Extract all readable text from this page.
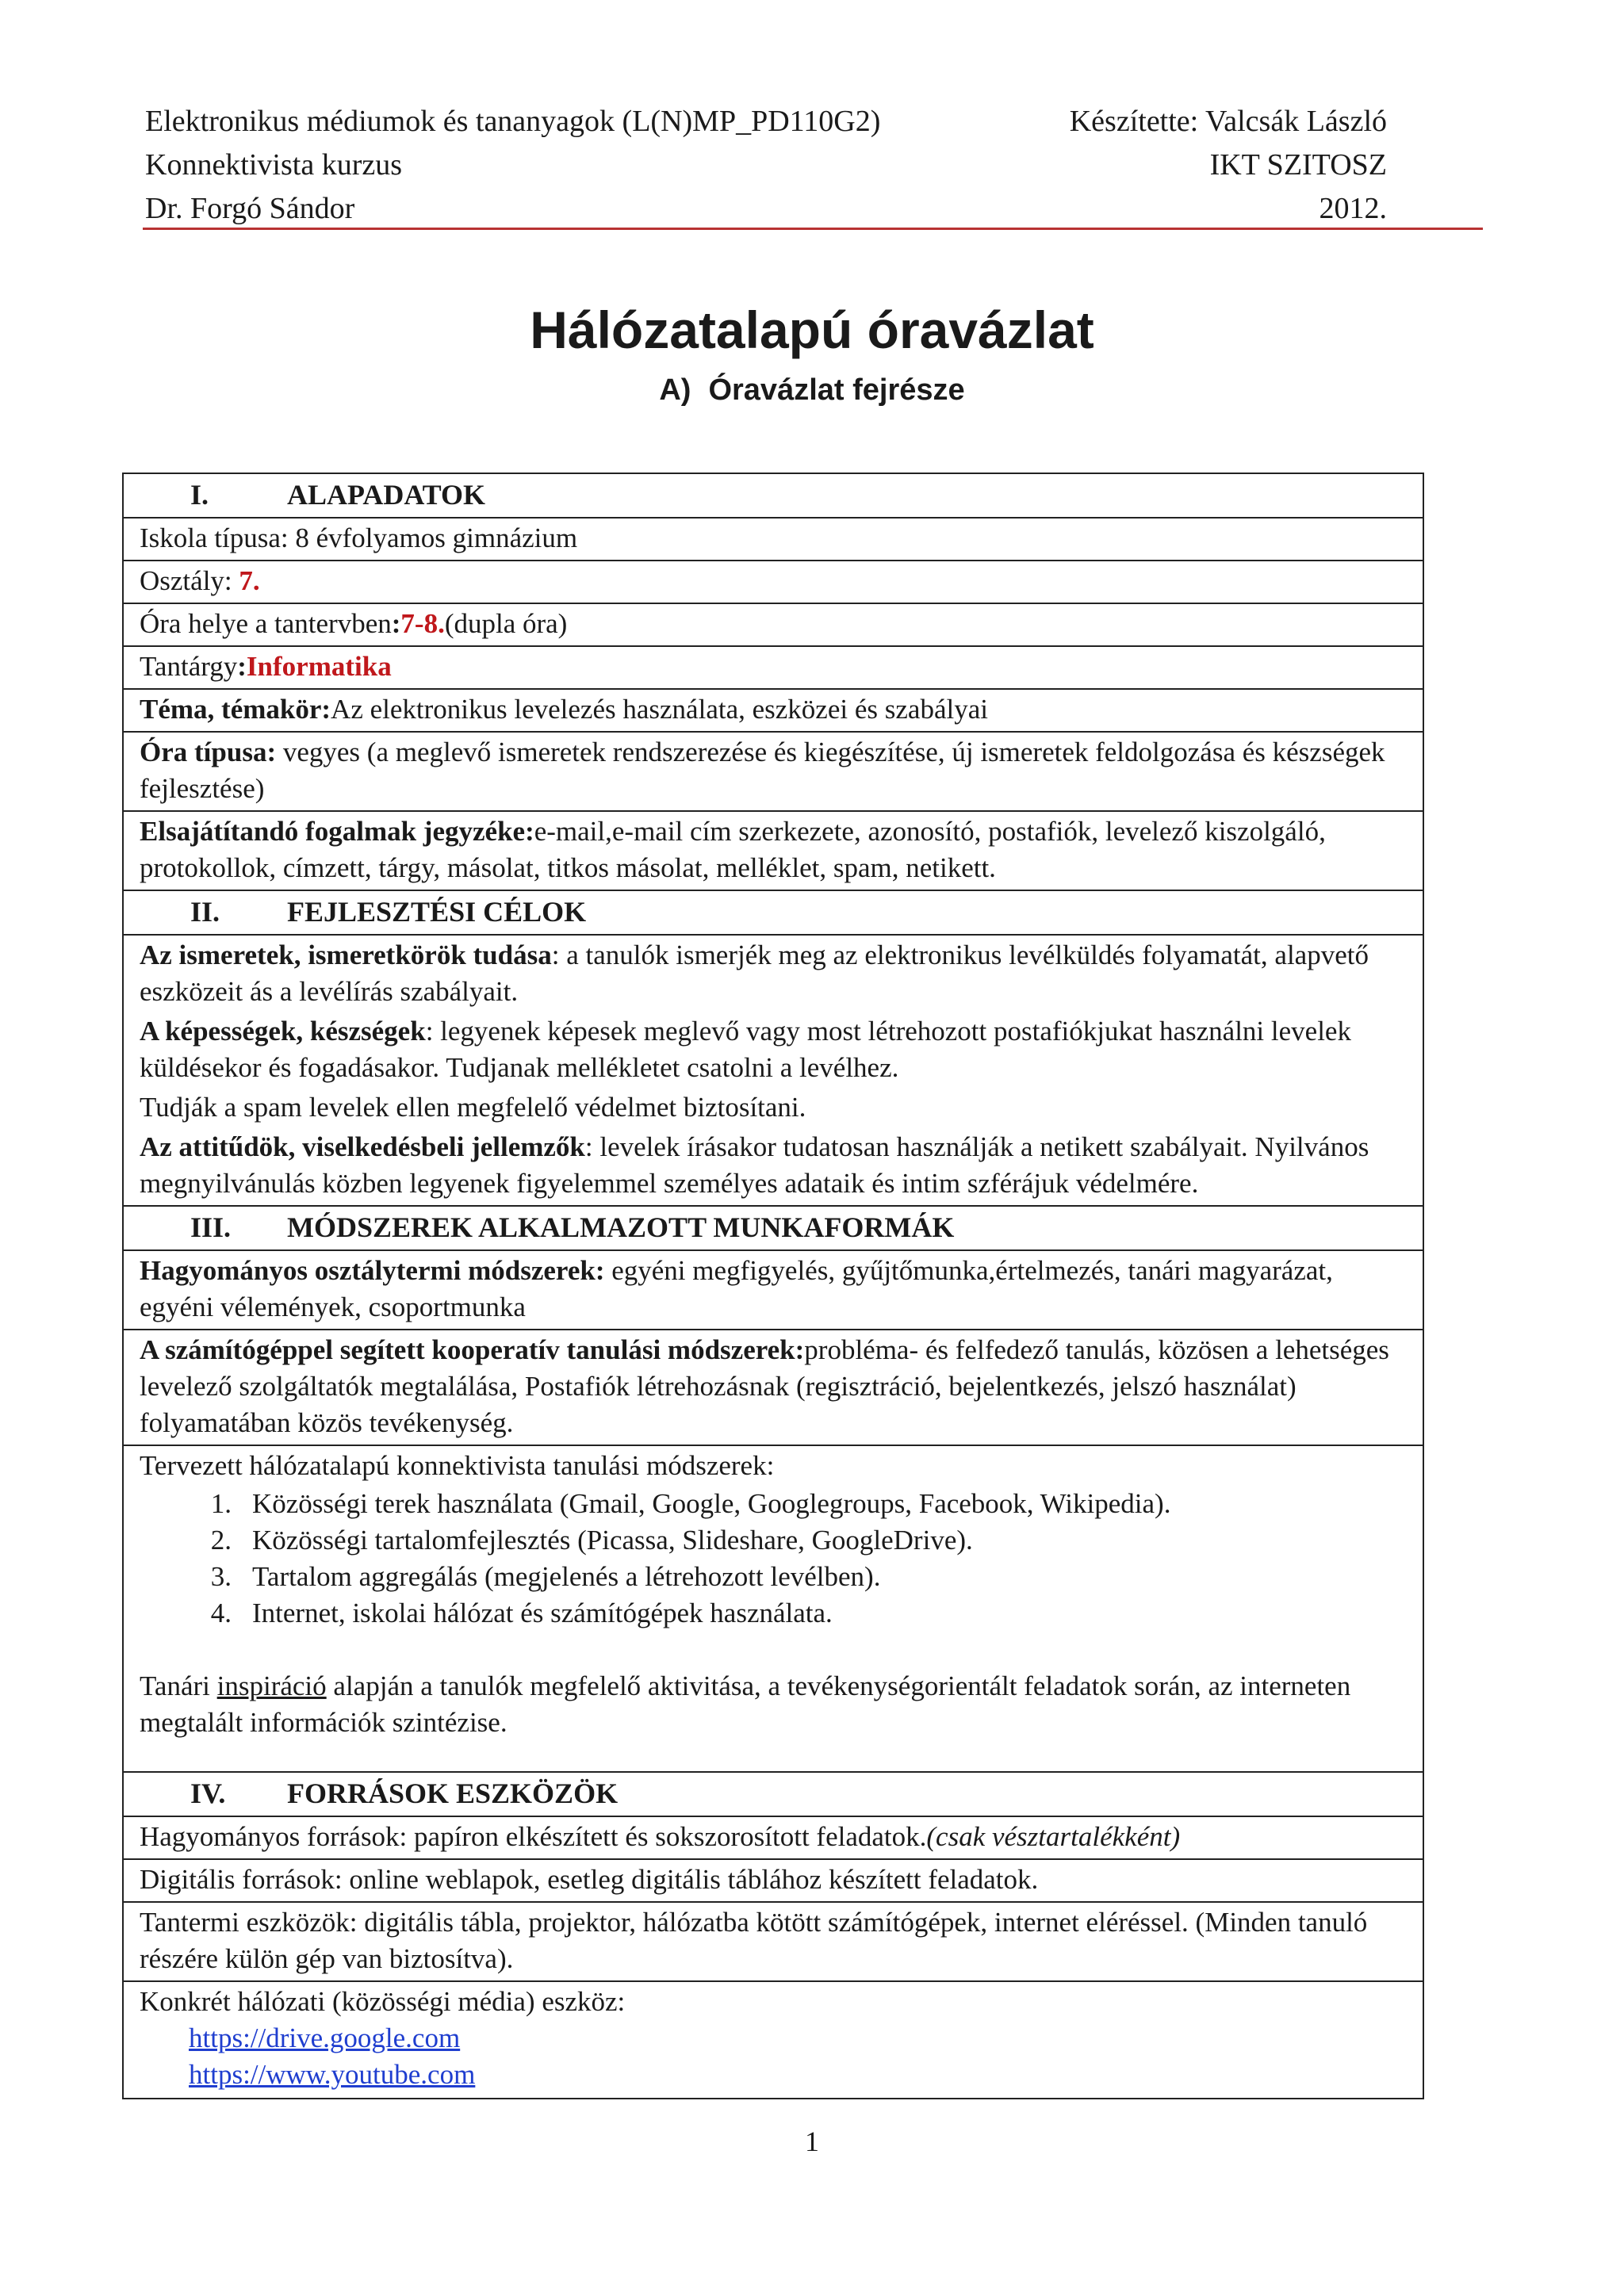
Elektronikus médiumok és tananyagok (L(N)MP_PD110G2)	Készítette: Valcsák László
Konnektivista kurzus	IKT SZITOSZ
Dr. Forgó Sándor	2012.
Hálózatalapú óravázlat
A) Óravázlat fejrésze
I.	ALAPADATOK
Iskola típusa: 8 évfolyamos gimnázium
Osztály: 7.
Óra helye a tantervben:7-8.(dupla óra)
Tantárgy:Informatika
Téma, témakör:Az elektronikus levelezés használata, eszközei és szabályai
Óra típusa: vegyes (a meglevő ismeretek rendszerezése és kiegészítése, új ismeretek feldolgozása és készségek fejlesztése)
Elsajátítandó fogalmak jegyzéke:e-mail,e-mail cím szerkezete, azonosító, postafiók, levelező kiszolgáló, protokollok, címzett, tárgy, másolat, titkos másolat, melléklet, spam, netikett.
II. FEJLESZTÉSI CÉLOK

Az ismeretek, ismeretkörök tudása: a tanulók ismerjék meg az elektronikus levélküldés folyamatát, alapvető eszközeit ás a levélírás szabályait.

A képességek, készségek: legyenek képesek meglevő vagy most létrehozott postafiókjukat használni levelek küldésekor és fogadásakor. Tudjanak mellékletet csatolni a levélhez.

Tudják a spam levelek ellen megfelelő védelmet biztosítani.

Az attitűdök, viselkedésbeli jellemzők: levelek írásakor tudatosan használják a netikett szabályait. Nyilvános megnyilvánulás közben legyenek figyelemmel személyes adataik és intim szférájuk védelmére.

III. MÓDSZEREK ALKALMAZOTT MUNKAFORMÁK
Hagyományos osztálytermi módszerek: egyéni megfigyelés, gyűjtőmunka,értelmezés, tanári magyarázat, egyéni vélemények, csoportmunka
A számítógéppel segített kooperatív tanulási módszerek:probléma- és felfedező tanulás, közösen a lehetséges levelező szolgáltatók megtalálása, Postafiók létrehozásnak (regisztráció, bejelentkezés, jelszó használat) folyamatában közös tevékenység.
Tervezett hálózatalapú konnektivista tanulási módszerek:
1. Közösségi terek használata (Gmail, Google, Googlegroups, Facebook, Wikipedia).
2. Közösségi tartalomfejlesztés (Picassa, Slideshare, GoogleDrive).
3. Tartalom aggregálás (megjelenés a létrehozott levélben).
4. Internet, iskolai hálózat és számítógépek használata.
Tanári inspiráció alapján a tanulók megfelelő aktivitása, a tevékenységorientált feladatok során, az interneten megtalált információk szintézise.
IV. FORRÁSOK ESZKÖZÖK
Hagyományos források: papíron elkészített és sokszorosított feladatok.(csak vésztartalékként)
Digitális források: online weblapok, esetleg digitális táblához készített feladatok.
Tantermi eszközök: digitális tábla, projektor, hálózatba kötött számítógépek, internet eléréssel. (Minden tanuló részére külön gép van biztosítva).
Konkrét hálózati (közösségi média) eszköz:
https://drive.google.com
https://www.youtube.com
1
